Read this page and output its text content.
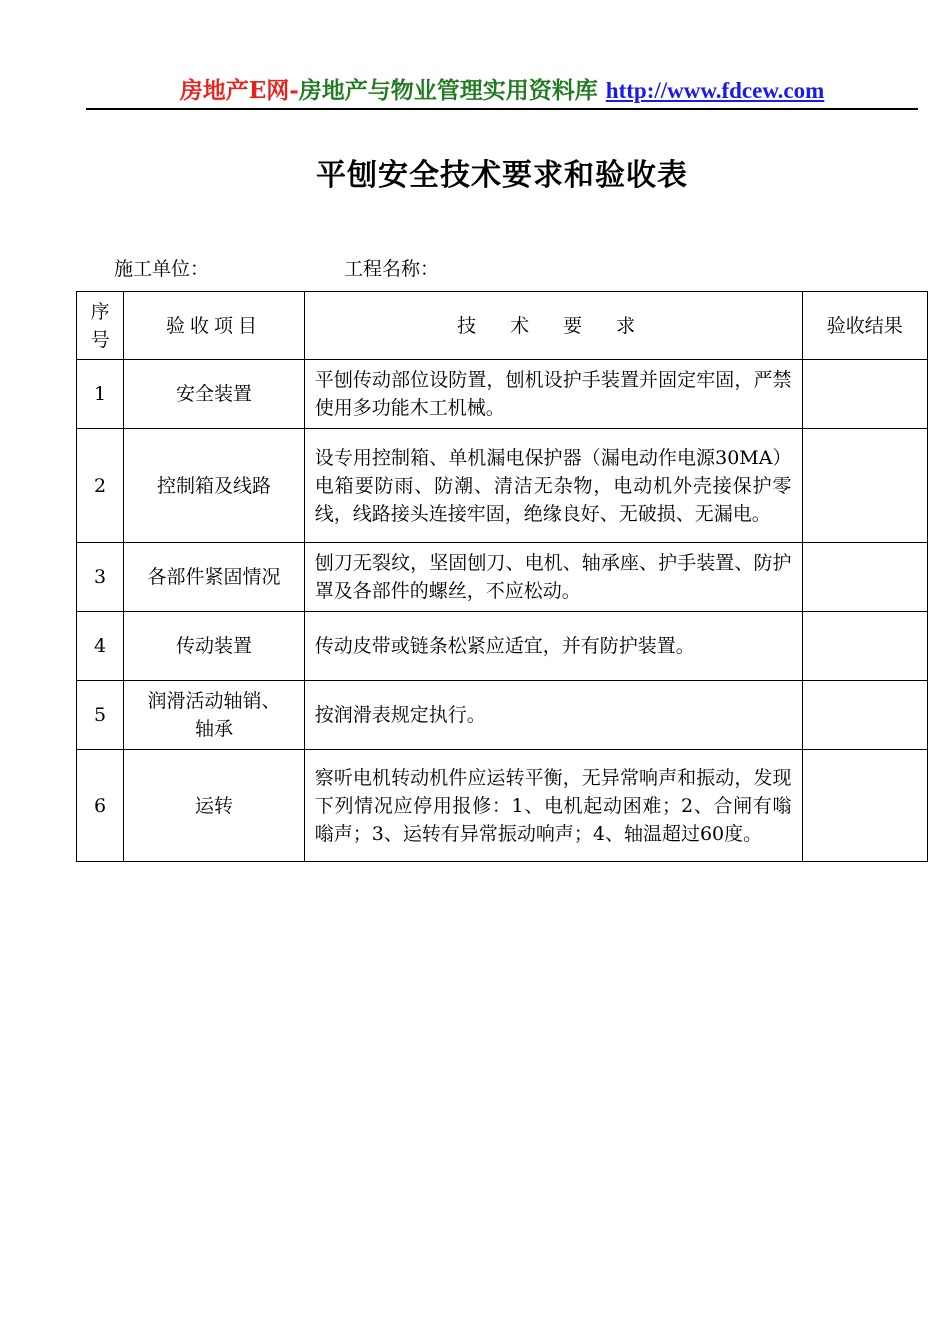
房地产E网-房地产与物业管理实用资料库 http://www.fdcew.com
平刨安全技术要求和验收表
施工单位：	工程名称：
序号	验收项目	技 术 要 求	验收结果
1	安全装置	平刨传动部位设防置，刨机设护手装置并固定牢固，严禁使用多功能木工机械。	

2	控制箱及线路	设专用控制箱、单机漏电保护器（漏电动作电源30MA）电箱要防雨、防潮、清洁无杂物，电动机外壳接保护零线，线路接头连接牢固，绝缘良好、无破损、无漏电。	

3	各部件紧固情况	刨刀无裂纹，坚固刨刀、电机、轴承座、护手装置、防护罩及各部件的螺丝，不应松动。	

4	传动装置	传动皮带或链条松紧应适宜，并有防护装置。	

5	润滑活动轴销、轴承	按润滑表规定执行。	

6	运转	察听电机转动机件应运转平衡，无异常响声和振动，发现下列情况应停用报修：1、电机起动困难；2、合闸有嗡嗡声；3、运转有异常振动响声；4、轴温超过60度。	
